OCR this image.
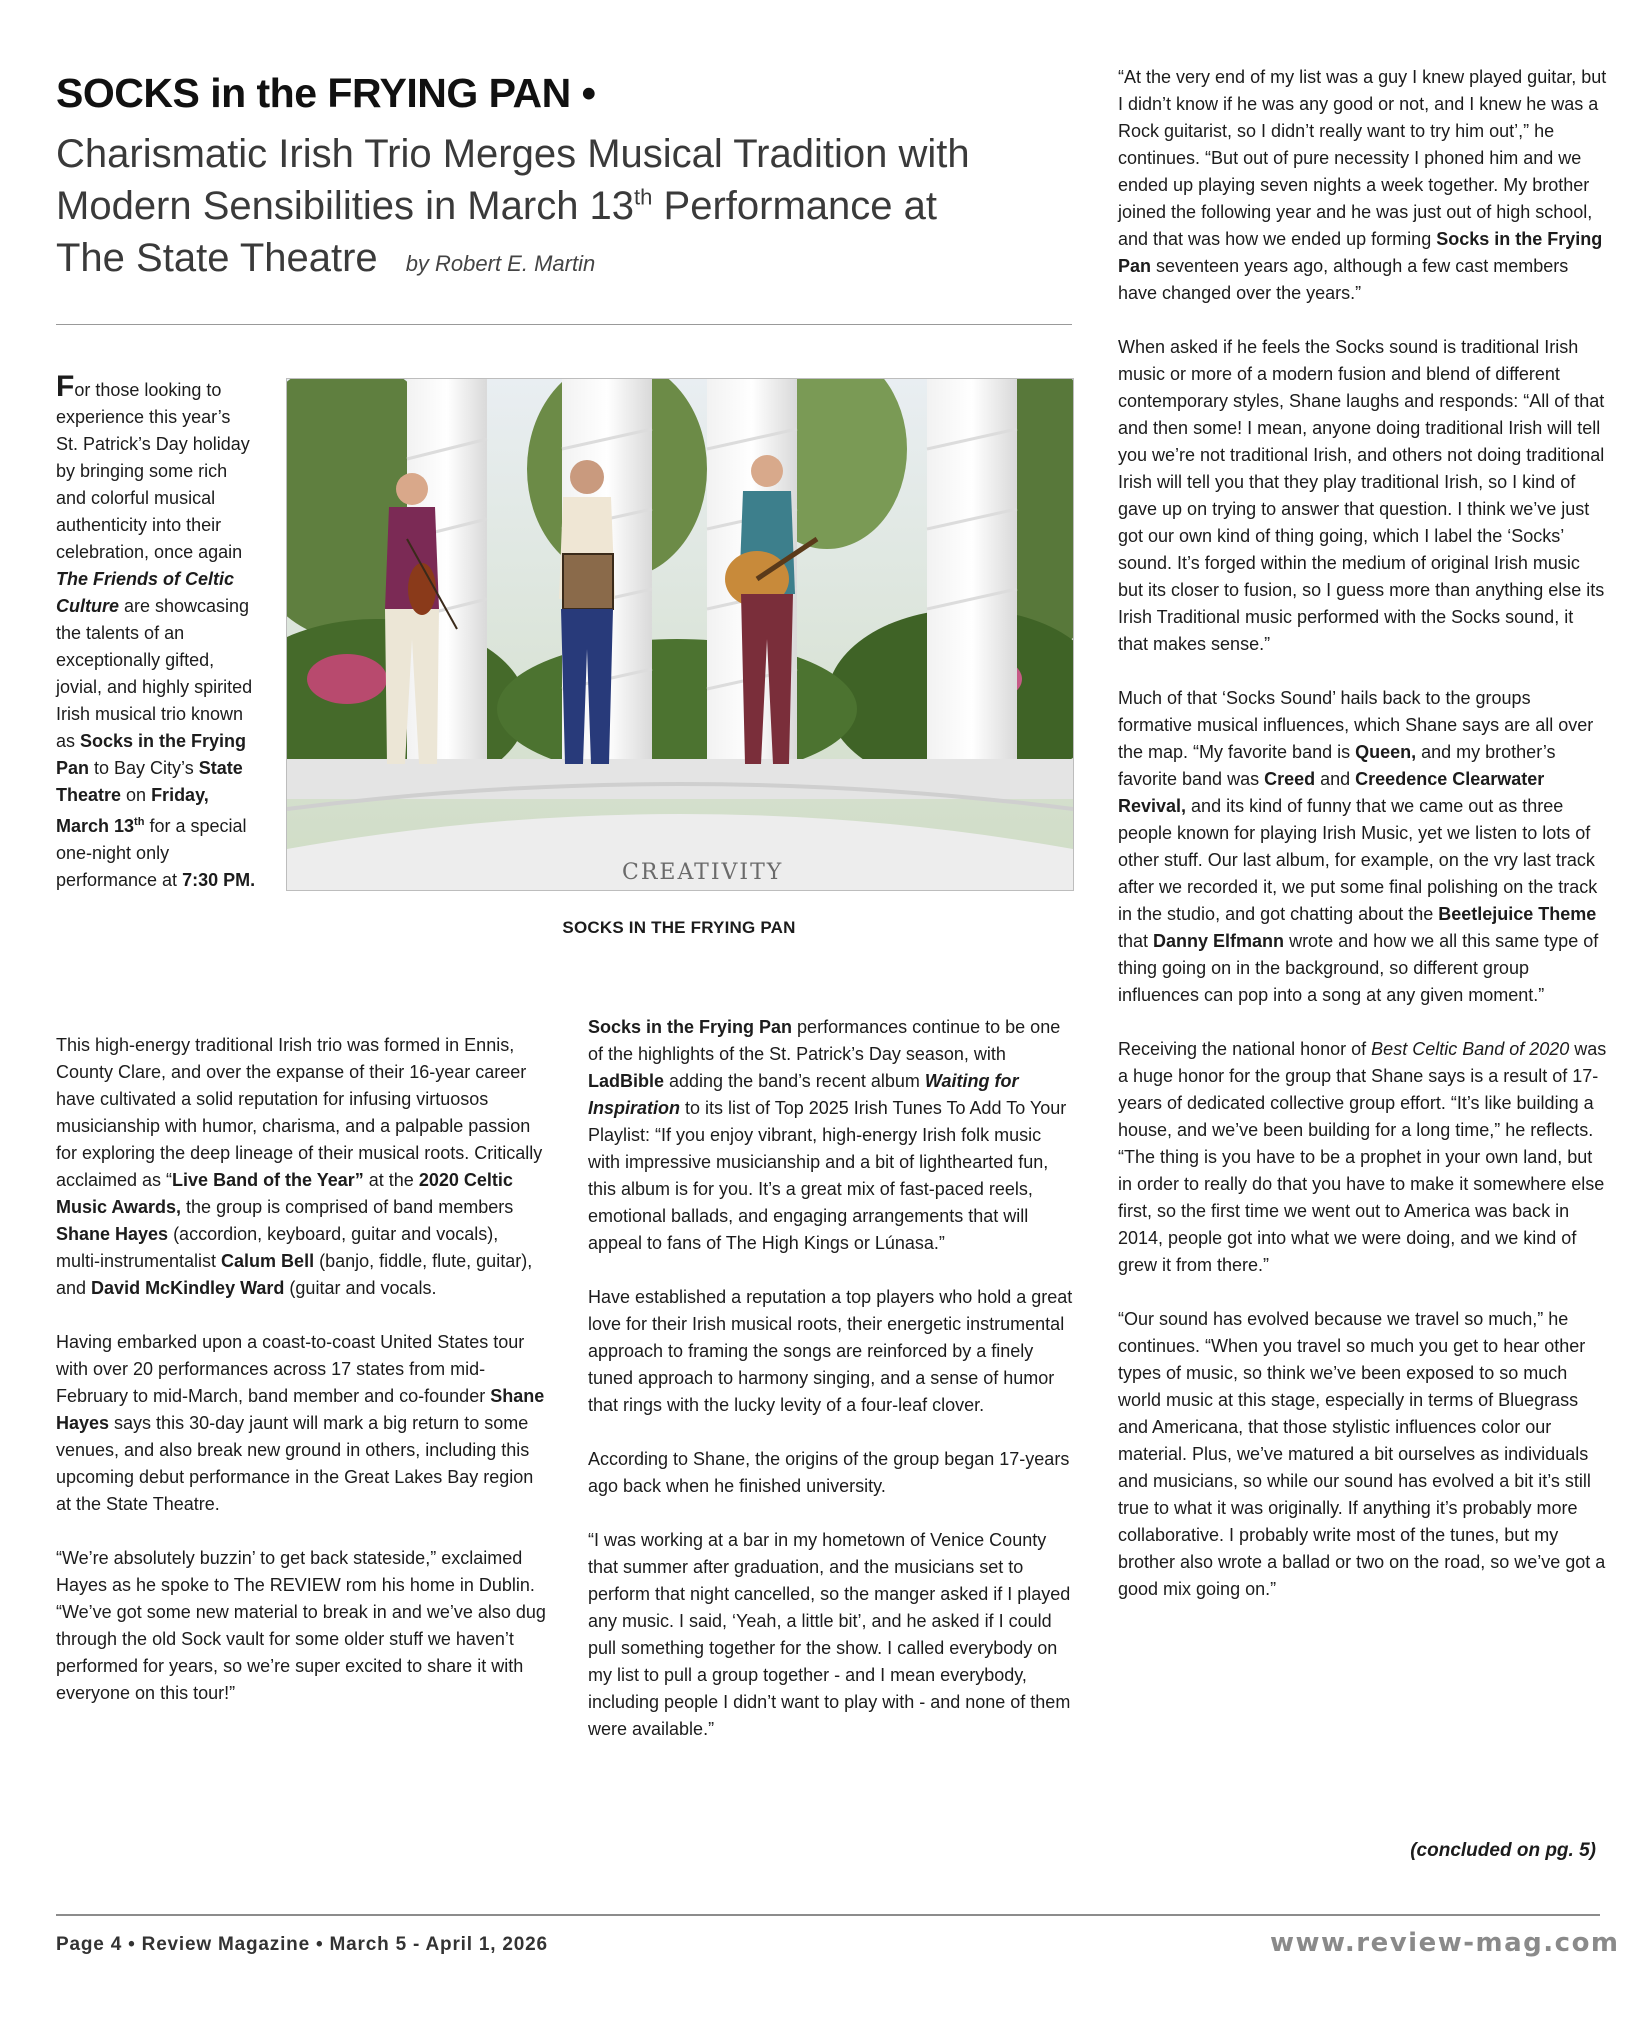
SOCKS in the FRYING PAN •
Charismatic Irish Trio Merges Musical Tradition with
Modern Sensibilities in March 13th Performance at
The State Theatre by Robert E. Martin

For those looking to experience this year’s St. Patrick’s Day holiday by bringing some rich and colorful musical authenticity into their celebration, once again The Friends of Celtic Culture are showcasing the talents of an exceptionally gifted, jovial, and highly spirited Irish musical trio known as Socks in the Frying Pan to Bay City’s State Theatre on Friday, March 13th for a special one-night only performance at 7:30 PM.	CREATIVITY
SOCKS IN THE FRYING PAN

This high-energy traditional Irish trio was formed in Ennis, County Clare, and over the expanse of their 16-year career have cultivated a solid reputation for infusing virtuosos musicianship with humor, charisma, and a palpable passion for exploring the deep lineage of their musical roots. Critically acclaimed as “Live Band of the Year” at the 2020 Celtic Music Awards, the group is comprised of band members Shane Hayes (accordion, keyboard, guitar and vocals), multi-instrumentalist Calum Bell (banjo, fiddle, flute, guitar), and David McKindley Ward (guitar and vocals.

Having embarked upon a coast-to-coast United States tour with over 20 performances across 17 states from mid-February to mid-March, band member and co-founder Shane Hayes says this 30-day jaunt will mark a big return to some venues, and also break new ground in others, including this upcoming debut performance in the Great Lakes Bay region at the State Theatre.

“We’re absolutely buzzin’ to get back stateside,” exclaimed Hayes as he spoke to The REVIEW rom his home in Dublin. “We’ve got some new material to break in and we’ve also dug through the old Sock vault for some older stuff we haven’t performed for years, so we’re super excited to share it with everyone on this tour!”

Socks in the Frying Pan performances continue to be one of the highlights of the St. Patrick’s Day season, with LadBible adding the band’s recent album Waiting for Inspiration to its list of Top 2025 Irish Tunes To Add To Your Playlist: “If you enjoy vibrant, high-energy Irish folk music with impressive musicianship and a bit of lighthearted fun, this album is for you. It’s a great mix of fast-paced reels, emotional ballads, and engaging arrangements that will appeal to fans of The High Kings or Lúnasa.”

Have established a reputation a top players who hold a great love for their Irish musical roots, their energetic instrumental approach to framing the songs are reinforced by a finely tuned approach to harmony singing, and a sense of humor that rings with the lucky levity of a four-leaf clover.

According to Shane, the origins of the group began 17-years ago back when he finished university.

“I was working at a bar in my hometown of Venice County that summer after graduation, and the musicians set to perform that night cancelled, so the manger asked if I played any music. I said, ‘Yeah, a little bit’, and he asked if I could pull something together for the show. I called everybody on my list to pull a group together - and I mean everybody, including people I didn’t want to play with - and none of them were available.”

“At the very end of my list was a guy I knew played guitar, but I didn’t know if he was any good or not, and I knew he was a Rock guitarist, so I didn’t really want to try him out’,” he continues. “But out of pure necessity I phoned him and we ended up playing seven nights a week together. My brother joined the following year and he was just out of high school, and that was how we ended up forming Socks in the Frying Pan seventeen years ago, although a few cast members have changed over the years.”

When asked if he feels the Socks sound is traditional Irish music or more of a modern fusion and blend of different contemporary styles, Shane laughs and responds: “All of that and then some! I mean, anyone doing traditional Irish will tell you we’re not traditional Irish, and others not doing traditional Irish will tell you that they play traditional Irish, so I kind of gave up on trying to answer that question. I think we’ve just got our own kind of thing going, which I label the ‘Socks’ sound. It’s forged within the medium of original Irish music but its closer to fusion, so I guess more than anything else its Irish Traditional music performed with the Socks sound, it that makes sense.”

Much of that ‘Socks Sound’ hails back to the groups formative musical influences, which Shane says are all over the map. “My favorite band is Queen, and my brother’s favorite band was Creed and Creedence Clearwater Revival, and its kind of funny that we came out as three people known for playing Irish Music, yet we listen to lots of other stuff. Our last album, for example, on the vry last track after we recorded it, we put some final polishing on the track in the studio, and got chatting about the Beetlejuice Theme that Danny Elfmann wrote and how we all this same type of thing going on in the background, so different group influences can pop into a song at any given moment.”

Receiving the national honor of Best Celtic Band of 2020 was a huge honor for the group that Shane says is a result of 17-years of dedicated collective group effort. “It’s like building a house, and we’ve been building for a long time,” he reflects. “The thing is you have to be a prophet in your own land, but in order to really do that you have to make it somewhere else first, so the first time we went out to America was back in 2014, people got into what we were doing, and we kind of grew it from there.”

“Our sound has evolved because we travel so much,” he continues. “When you travel so much you get to hear other types of music, so think we’ve been exposed to so much world music at this stage, especially in terms of Bluegrass and Americana, that those stylistic influences color our material. Plus, we’ve matured a bit ourselves as individuals and musicians, so while our sound has evolved a bit it’s still true to what it was originally. If anything it’s probably more collaborative. I probably write most of the tunes, but my brother also wrote a ballad or two on the road, so we’ve got a good mix going on.”

(concluded on pg. 5)
Page 4 • Review Magazine • March 5 - April 1, 2026	www.review-mag.com
